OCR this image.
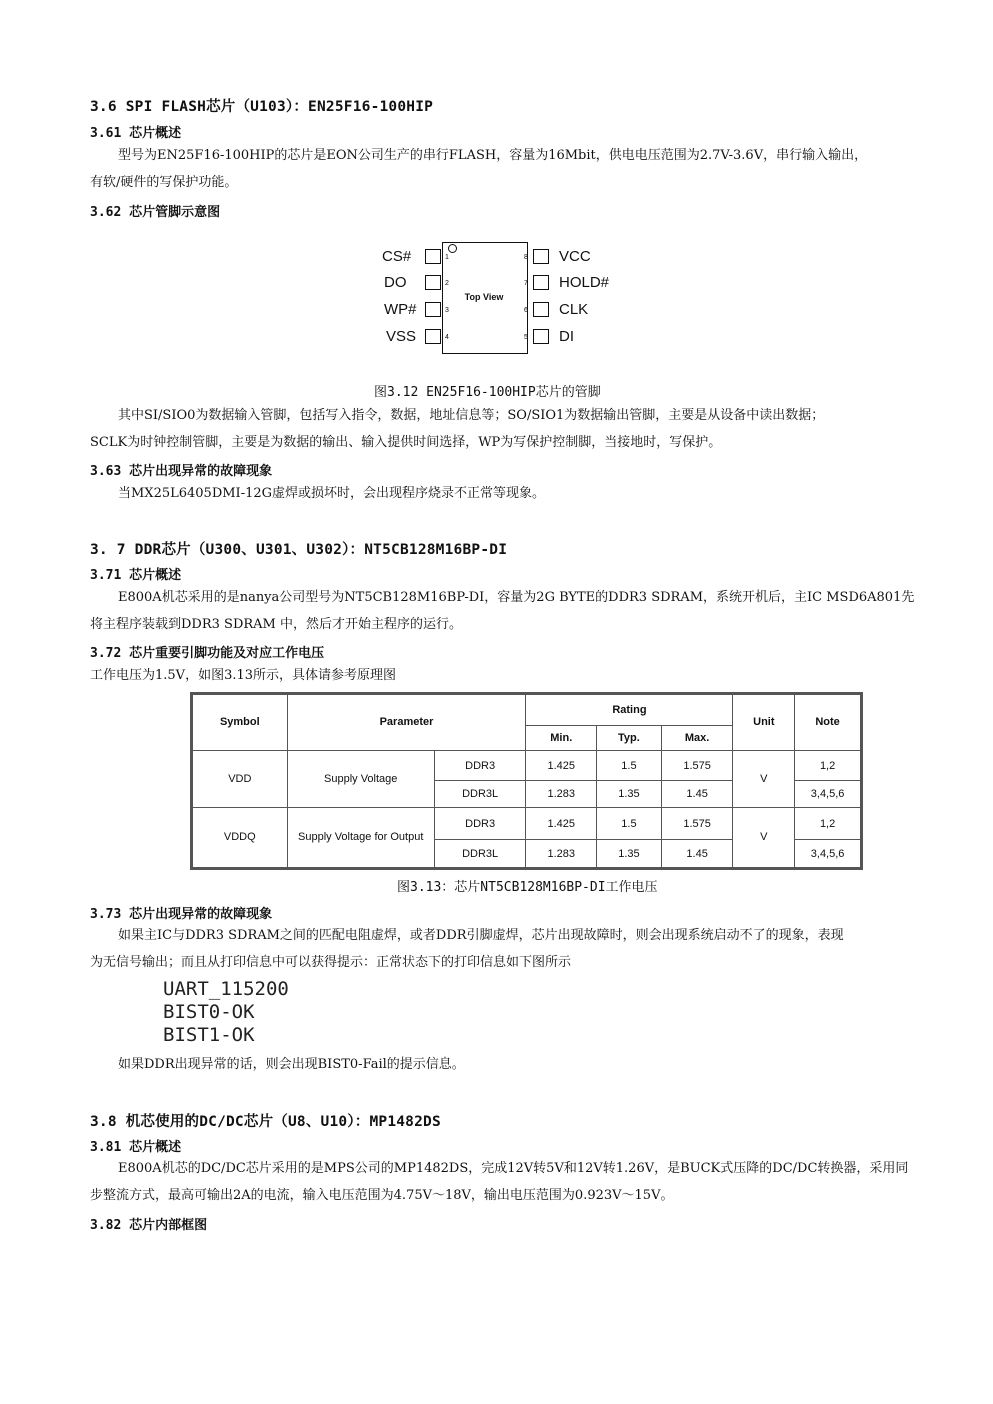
3.6 SPI FLASH芯片（U103）：EN25F16-100HIP
3.61 芯片概述
型号为EN25F16-100HIP的芯片是EON公司生产的串行FLASH，容量为16Mbit，供电电压范围为2.7V-3.6V，串行输入输出，
有软/硬件的写保护功能。
3.62 芯片管脚示意图
Top View
CS#	1
DO	2
WP#	3
VSS	4
8 VCC
7 HOLD#
6 CLK
5 DI
图3.12 EN25F16-100HIP芯片的管脚
其中SI/SIO0为数据输入管脚，包括写入指令，数据，地址信息等；SO/SIO1为数据输出管脚，主要是从设备中读出数据；
SCLK为时钟控制管脚，主要是为数据的输出、输入提供时间选择，WP为写保护控制脚，当接地时，写保护。
3.63 芯片出现异常的故障现象
当MX25L6405DMI-12G虚焊或损坏时，会出现程序烧录不正常等现象。
3. 7 DDR芯片（U300、U301、U302）：NT5CB128M16BP-DI
3.71 芯片概述
E800A机芯采用的是nanya公司型号为NT5CB128M16BP-DI，容量为2G BYTE的DDR3 SDRAM，系统开机后，主IC MSD6A801先
将主程序装载到DDR3 SDRAM 中，然后才开始主程序的运行。
3.72 芯片重要引脚功能及对应工作电压
工作电压为1.5V，如图3.13所示，具体请参考原理图
Symbol	Parameter		Rating			Unit	Note
			Min.	Typ.	Max.		
VDD	Supply Voltage	DDR3	1.425	1.5	1.575	V	1,2
		DDR3L	1.283	1.35	1.45		3,4,5,6
VDDQ	Supply Voltage for Output	DDR3	1.425	1.5	1.575	V	1,2
		DDR3L	1.283	1.35	1.45		3,4,5,6
图3.13：芯片NT5CB128M16BP-DI工作电压
3.73 芯片出现异常的故障现象
如果主IC与DDR3 SDRAM之间的匹配电阻虚焊，或者DDR引脚虚焊，芯片出现故障时，则会出现系统启动不了的现象，表现
为无信号输出；而且从打印信息中可以获得提示：正常状态下的打印信息如下图所示
UART_115200
BIST0-OK
BIST1-OK
如果DDR出现异常的话，则会出现BIST0-Fail的提示信息。
3.8 机芯使用的DC/DC芯片（U8、U10）：MP1482DS
3.81 芯片概述
E800A机芯的DC/DC芯片采用的是MPS公司的MP1482DS，完成12V转5V和12V转1.26V，是BUCK式压降的DC/DC转换器，采用同
步整流方式，最高可输出2A的电流，输入电压范围为4.75V～18V，输出电压范围为0.923V～15V。
3.82 芯片内部框图
